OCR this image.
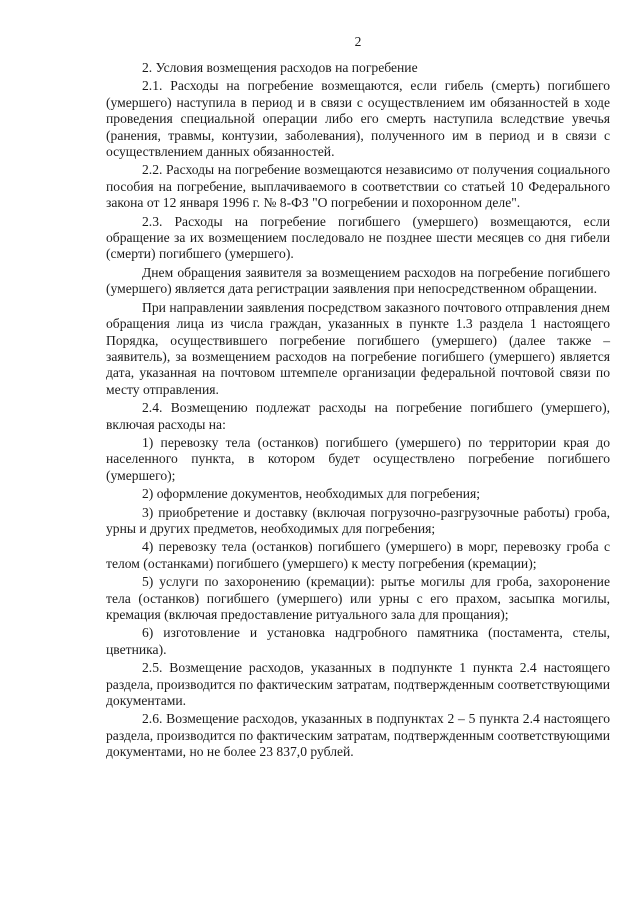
2

2. Условия возмещения расходов на погребение

2.1. Расходы на погребение возмещаются, если гибель (смерть) погибшего (умершего) наступила в период и в связи с осуществлением им обязанностей в ходе проведения специальной операции либо его смерть наступила вследствие увечья (ранения, травмы, контузии, заболевания), полученного им в период и в связи с осуществлением данных обязанностей.

2.2. Расходы на погребение возмещаются независимо от получения социального пособия на погребение, выплачиваемого в соответствии со статьей 10 Федерального закона от 12 января 1996 г. № 8-ФЗ "О погребении и похоронном деле".

2.3. Расходы на погребение погибшего (умершего) возмещаются, если обращение за их возмещением последовало не позднее шести месяцев со дня гибели (смерти) погибшего (умершего).

Днем обращения заявителя за возмещением расходов на погребение погибшего (умершего) является дата регистрации заявления при непосредственном обращении.

При направлении заявления посредством заказного почтового отправления днем обращения лица из числа граждан, указанных в пункте 1.3 раздела 1 настоящего Порядка, осуществившего погребение погибшего (умершего) (далее также – заявитель), за возмещением расходов на погребение погибшего (умершего) является дата, указанная на почтовом штемпеле организации федеральной почтовой связи по месту отправления.

2.4. Возмещению подлежат расходы на погребение погибшего (умершего), включая расходы на:

1) перевозку тела (останков) погибшего (умершего) по территории края до населенного пункта, в котором будет осуществлено погребение погибшего (умершего);

2) оформление документов, необходимых для погребения;

3) приобретение и доставку (включая погрузочно-разгрузочные работы) гроба, урны и других предметов, необходимых для погребения;

4) перевозку тела (останков) погибшего (умершего) в морг, перевозку гроба с телом (останками) погибшего (умершего) к месту погребения (кремации);

5) услуги по захоронению (кремации): рытье могилы для гроба, захоронение тела (останков) погибшего (умершего) или урны с его прахом, засыпка могилы, кремация (включая предоставление ритуального зала для прощания);

6) изготовление и установка надгробного памятника (постамента, стелы, цветника).

2.5. Возмещение расходов, указанных в подпункте 1 пункта 2.4 настоящего раздела, производится по фактическим затратам, подтвержденным соответствующими документами.

2.6. Возмещение расходов, указанных в подпунктах 2 – 5 пункта 2.4 настоящего раздела, производится по фактическим затратам, подтвержденным соответствующими документами, но не более 23 837,0 рублей.
